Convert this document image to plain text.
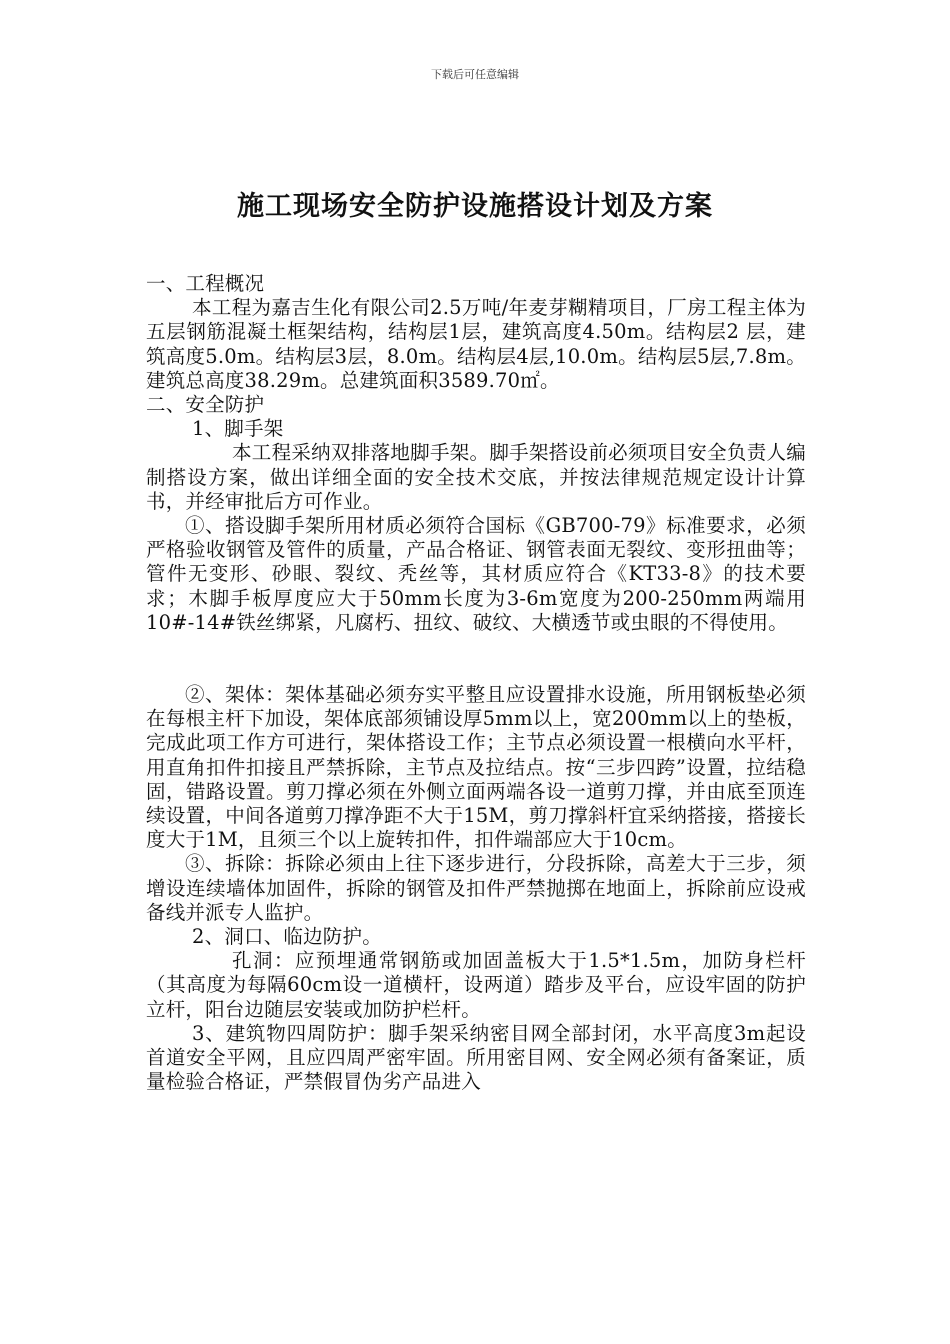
下载后可任意编辑
施工现场安全防护设施搭设计划及方案

一、工程概况

本工程为嘉吉生化有限公司2.5万吨/年麦芽糊精项目，厂房工程主体为五层钢筋混凝土框架结构，结构层1层，建筑高度4.50m。结构层2 层，建筑高度5.0m。结构层3层，8.0m。结构层4层,10.0m。结构层5层,7.8m。建筑总高度38.29m。总建筑面积3589.70㎡。

二、安全防护

1、脚手架

本工程采纳双排落地脚手架。脚手架搭设前必须项目安全负责人编制搭设方案，做出详细全面的安全技术交底，并按法律规范规定设计计算书，并经审批后方可作业。

①、搭设脚手架所用材质必须符合国标《GB700-79》标准要求，必须严格验收钢管及管件的质量，产品合格证、钢管表面无裂纹、变形扭曲等；管件无变形、砂眼、裂纹、秃丝等，其材质应符合《KT33-8》的技术要求；木脚手板厚度应大于50mm长度为3-6m宽度为200-250mm两端用10#-14#铁丝绑紧，凡腐朽、扭纹、破纹、大横透节或虫眼的不得使用。

②、架体：架体基础必须夯实平整且应设置排水设施，所用钢板垫必须在每根主杆下加设，架体底部须铺设厚5mm以上，宽200mm以上的垫板，完成此项工作方可进行，架体搭设工作；主节点必须设置一根横向水平杆，用直角扣件扣接且严禁拆除，主节点及拉结点。按“三步四跨”设置，拉结稳固，错路设置。剪刀撑必须在外侧立面两端各设一道剪刀撑，并由底至顶连续设置，中间各道剪刀撑净距不大于15M，剪刀撑斜杆宜采纳搭接，搭接长度大于1M，且须三个以上旋转扣件，扣件端部应大于10cm。

③、拆除：拆除必须由上往下逐步进行，分段拆除，高差大于三步，须增设连续墙体加固件，拆除的钢管及扣件严禁抛掷在地面上，拆除前应设戒备线并派专人监护。

2、洞口、临边防护。

孔洞：应预埋通常钢筋或加固盖板大于1.5*1.5m，加防身栏杆（其高度为每隔60cm设一道横杆，设两道）踏步及平台，应设牢固的防护立杆，阳台边随层安装或加防护栏杆。

3、建筑物四周防护：脚手架采纳密目网全部封闭，水平高度3m起设首道安全平网，且应四周严密牢固。所用密目网、安全网必须有备案证，质量检验合格证，严禁假冒伪劣产品进入
